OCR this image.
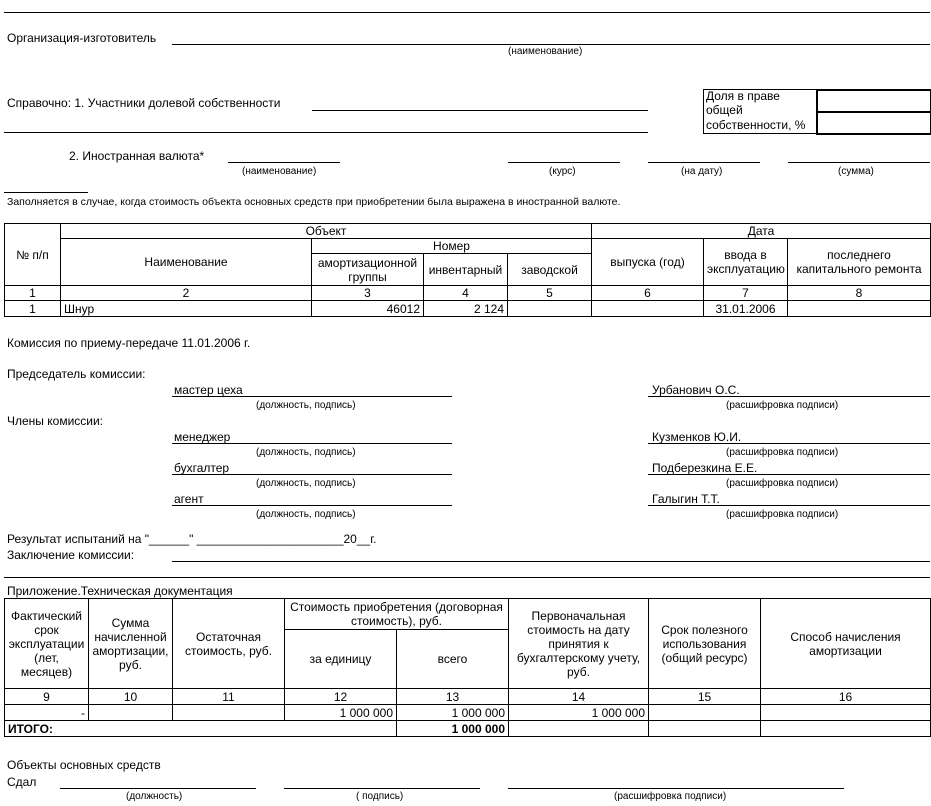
Организация-изготовитель
(наименование)
Справочно: 1. Участники долевой собственности	Доля в праве
общей
собственности, %
2. Иностранная валюта*
(наименование)	(курс)	(на дату)	(сумма)
Заполняется в случае, когда стоимость объекта основных средств при приобретении была выражена в иностранной валюте.
№ п/п	Объект				Дата		
	Наименование	Номер			выпуска (год)	ввода в эксплуатацию	последнего капитального ремонта
		амортизационной группы	инвентарный	заводской			
1	2	3	4	5	6	7	8
1	Шнур	46012	2 124			31.01.2006	
Комиссия по приему-передаче 11.01.2006 г.
Председатель комиссии:
мастер цеха
(должность, подпись)
Урбанович О.С.
(расшифровка подписи)
Члены комиссии:
менеджер
(должность, подпись)
Кузменков Ю.И.
(расшифровка подписи)
бухгалтер
(должность, подпись)
Подберезкина Е.Е.
(расшифровка подписи)
агент
(должность, подпись)
Галыгин Т.Т.
(расшифровка подписи)
Результат испытаний на "______" ______________________20__г.
Заключение комиссии:
Приложение.Техническая документация
Фактический срок эксплуатации (лет, месяцев)	Сумма начисленной амортизации, руб.	Остаточная стоимость, руб.	Стоимость приобретения (договорная стоимость), руб.		Первоначальная стоимость на дату принятия к бухгалтерскому учету, руб.	Срок полезного использования (общий ресурс)	Способ начисления амортизации
			за единицу	всего			
9	10	11	12	13	14	15	16
-			1 000 000	1 000 000	1 000 000		
ИТОГО:				1 000 000			
Объекты основных средств
Сдал
(должность)	( подпись)	(расшифровка подписи)
